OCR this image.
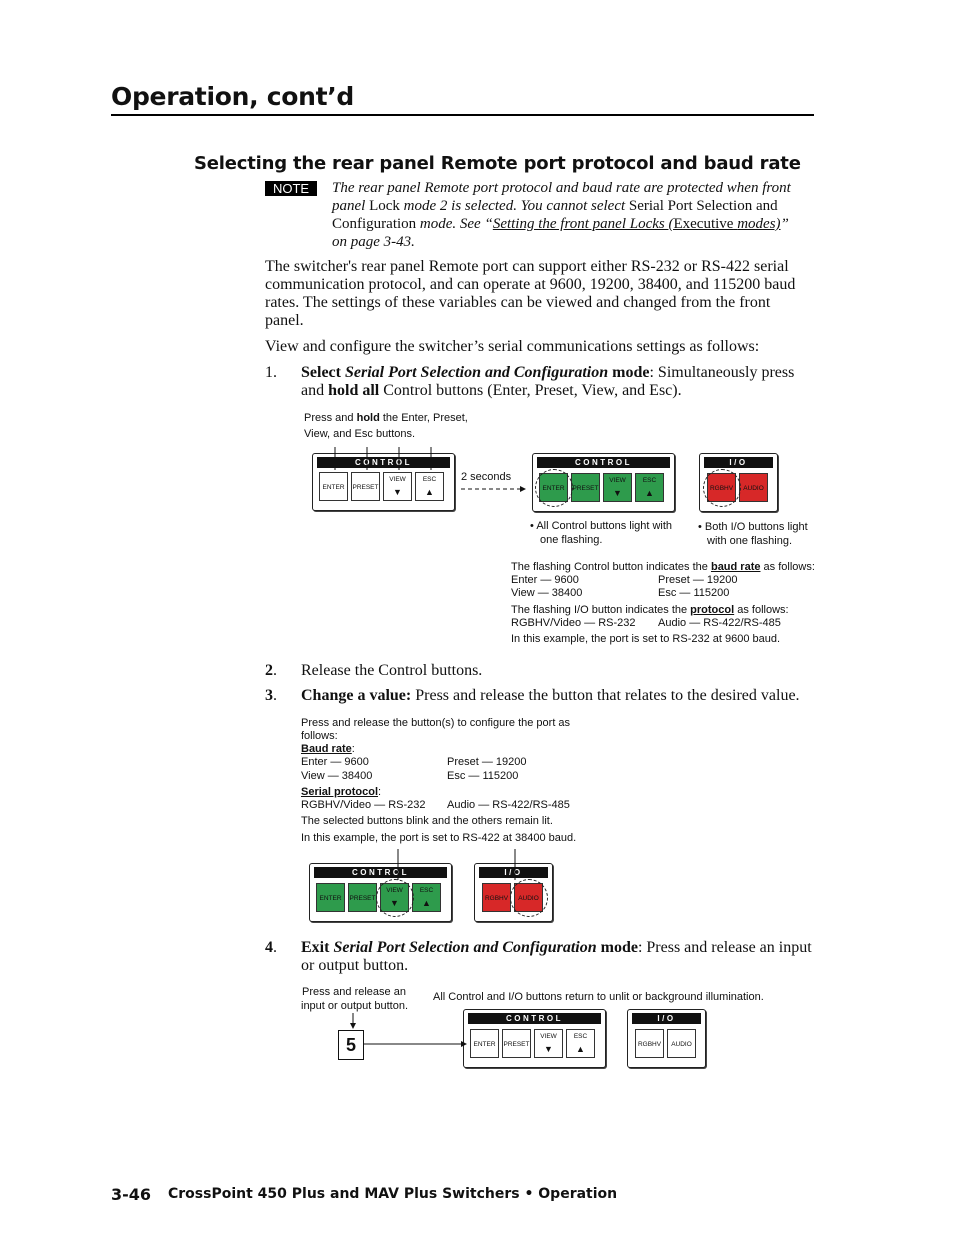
Operation, cont’d
Selecting the rear panel Remote port protocol and baud rate
NOTE	The rear panel Remote port protocol and baud rate are protected when front
panel Lock mode 2 is selected. You cannot select Serial Port Selection and
Configuration mode. See “Setting the front panel Locks (Executive modes)”
on page 3-43.
The switcher's rear panel Remote port can support either RS-232 or RS-422 serial
communication protocol, and can operate at 9600, 19200, 38400, and 115200 baud
rates. The settings of these variables can be viewed and changed from the front
panel.
View and configure the switcher’s serial communications settings as follows:
1. Select Serial Port Selection and Configuration mode: Simultaneously press
and hold all Control buttons (Enter, Preset, View, and Esc).
Press and hold the Enter, Preset,
View, and Esc buttons.
CONTROL
ENTER	PRESET
VIEW
▼
ESC
▲
2 seconds
CONTROL
ENTER	PRESET
VIEW
▼
ESC
▲
I/O
RGBHV	AUDIO
• All Control buttons light with
one flashing.
• Both I/O buttons light
with one flashing.
The flashing Control button indicates the baud rate as follows:
Enter — 9600	Preset — 19200
View — 38400	Esc — 115200
The flashing I/O button indicates the protocol as follows:
RGBHV/Video — RS-232 Audio — RS-422/RS-485
In this example, the port is set to RS-232 at 9600 baud.
2. Release the Control buttons.
3. Change a value: Press and release the button that relates to the desired value.
Press and release the button(s) to configure the port as
follows:
Baud rate:
Enter — 9600	Preset — 19200
View — 38400	Esc — 115200
Serial protocol:
RGBHV/Video — RS-232 Audio — RS-422/RS-485
The selected buttons blink and the others remain lit.
In this example, the port is set to RS-422 at 38400 baud.
CONTROL
ENTER	PRESET
VIEW
▼
ESC
▲
I/O
RGBHV	AUDIO
4. Exit Serial Port Selection and Configuration mode: Press and release an input
or output button.
Press and release an
input or output button.
All Control and I/O buttons return to unlit or background illumination.
5
CONTROL
ENTER	PRESET
VIEW
▼
ESC
▲
I/O
RGBHV	AUDIO
3-46 CrossPoint 450 Plus and MAV Plus Switchers • Operation
